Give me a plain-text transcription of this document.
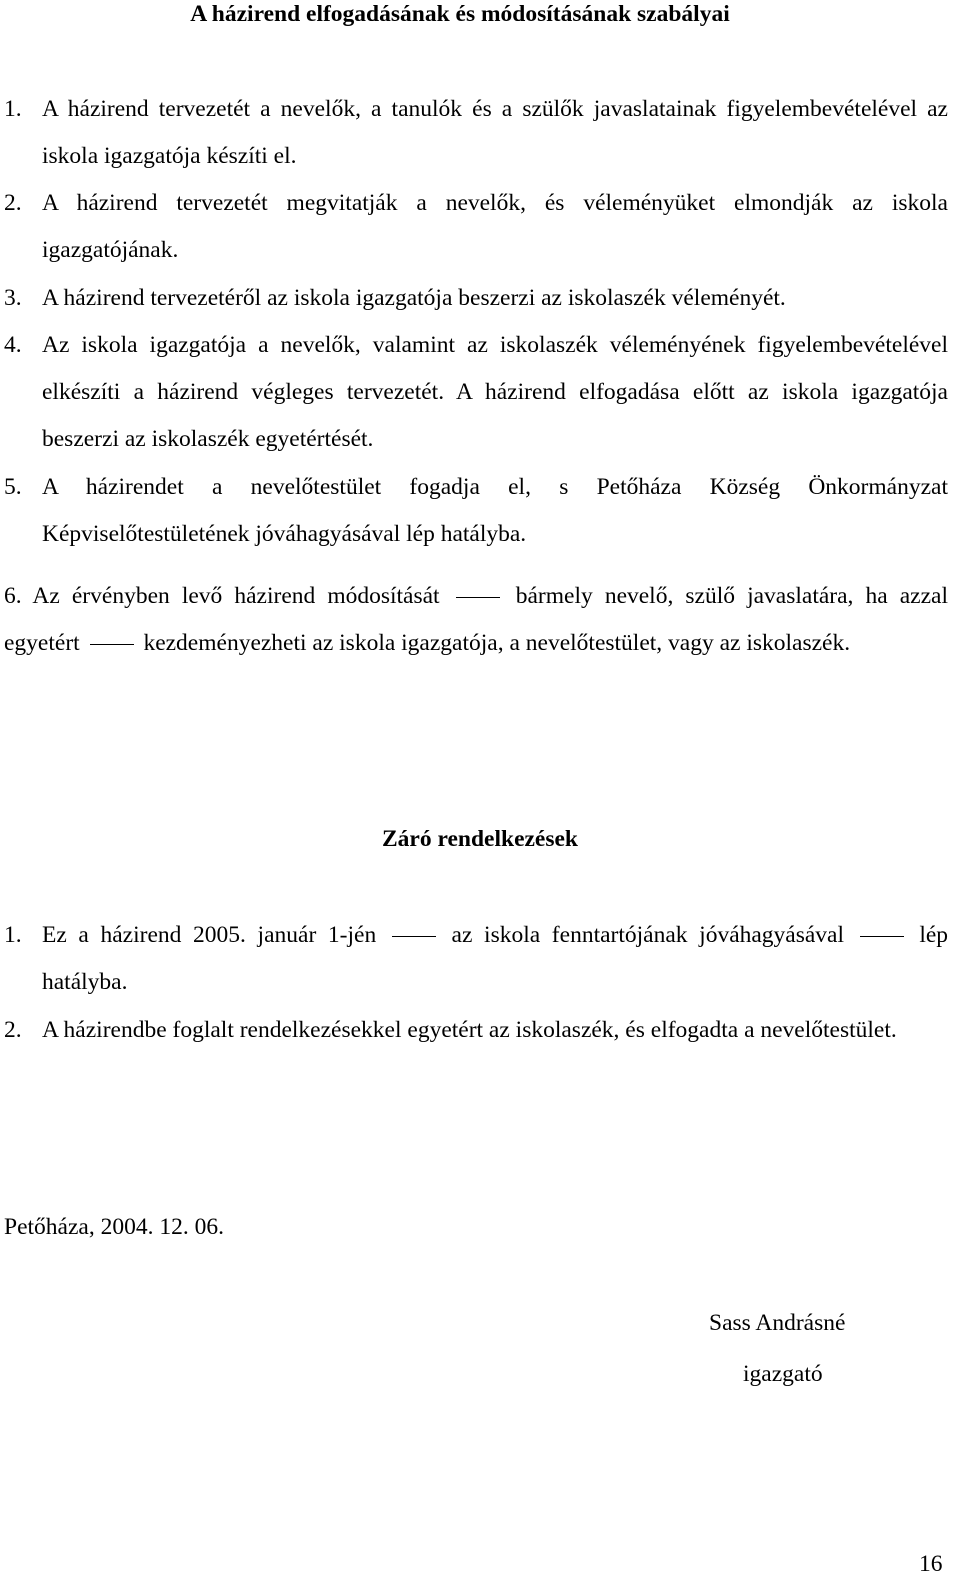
A házirend elfogadásának és módosításának szabályai
1. A házirend tervezetét a nevelők, a tanulók és a szülők javaslatainak figyelembevételével az iskola igazgatója készíti el.
2. A házirend tervezetét megvitatják a nevelők, és véleményüket elmondják az iskola igazgatójának.
3. A házirend tervezetéről az iskola igazgatója beszerzi az iskolaszék véleményét.
4. Az iskola igazgatója a nevelők, valamint az iskolaszék véleményének figyelembevételével elkészíti a házirend végleges tervezetét. A házirend elfogadása előtt az iskola igazgatója beszerzi az iskolaszék egyetértését.
5. A házirendet a nevelőtestület fogadja el, s Petőháza Község Önkormányzat Képviselőtestületének jóváhagyásával lép hatályba.
6. Az érvényben levő házirend módosítását	bármely nevelő, szülő javaslatára, ha azzal egyetért	kezdeményezheti az iskola igazgatója, a nevelőtestület, vagy az iskolaszék.
Záró rendelkezések
1. Ez a házirend 2005. január 1-jén	az iskola fenntartójának jóváhagyásával	lép hatályba.
2. A házirendbe foglalt rendelkezésekkel egyetért az iskolaszék, és elfogadta a nevelőtestület.
Petőháza, 2004. 12. 06.
Sass Andrásné
igazgató
16
